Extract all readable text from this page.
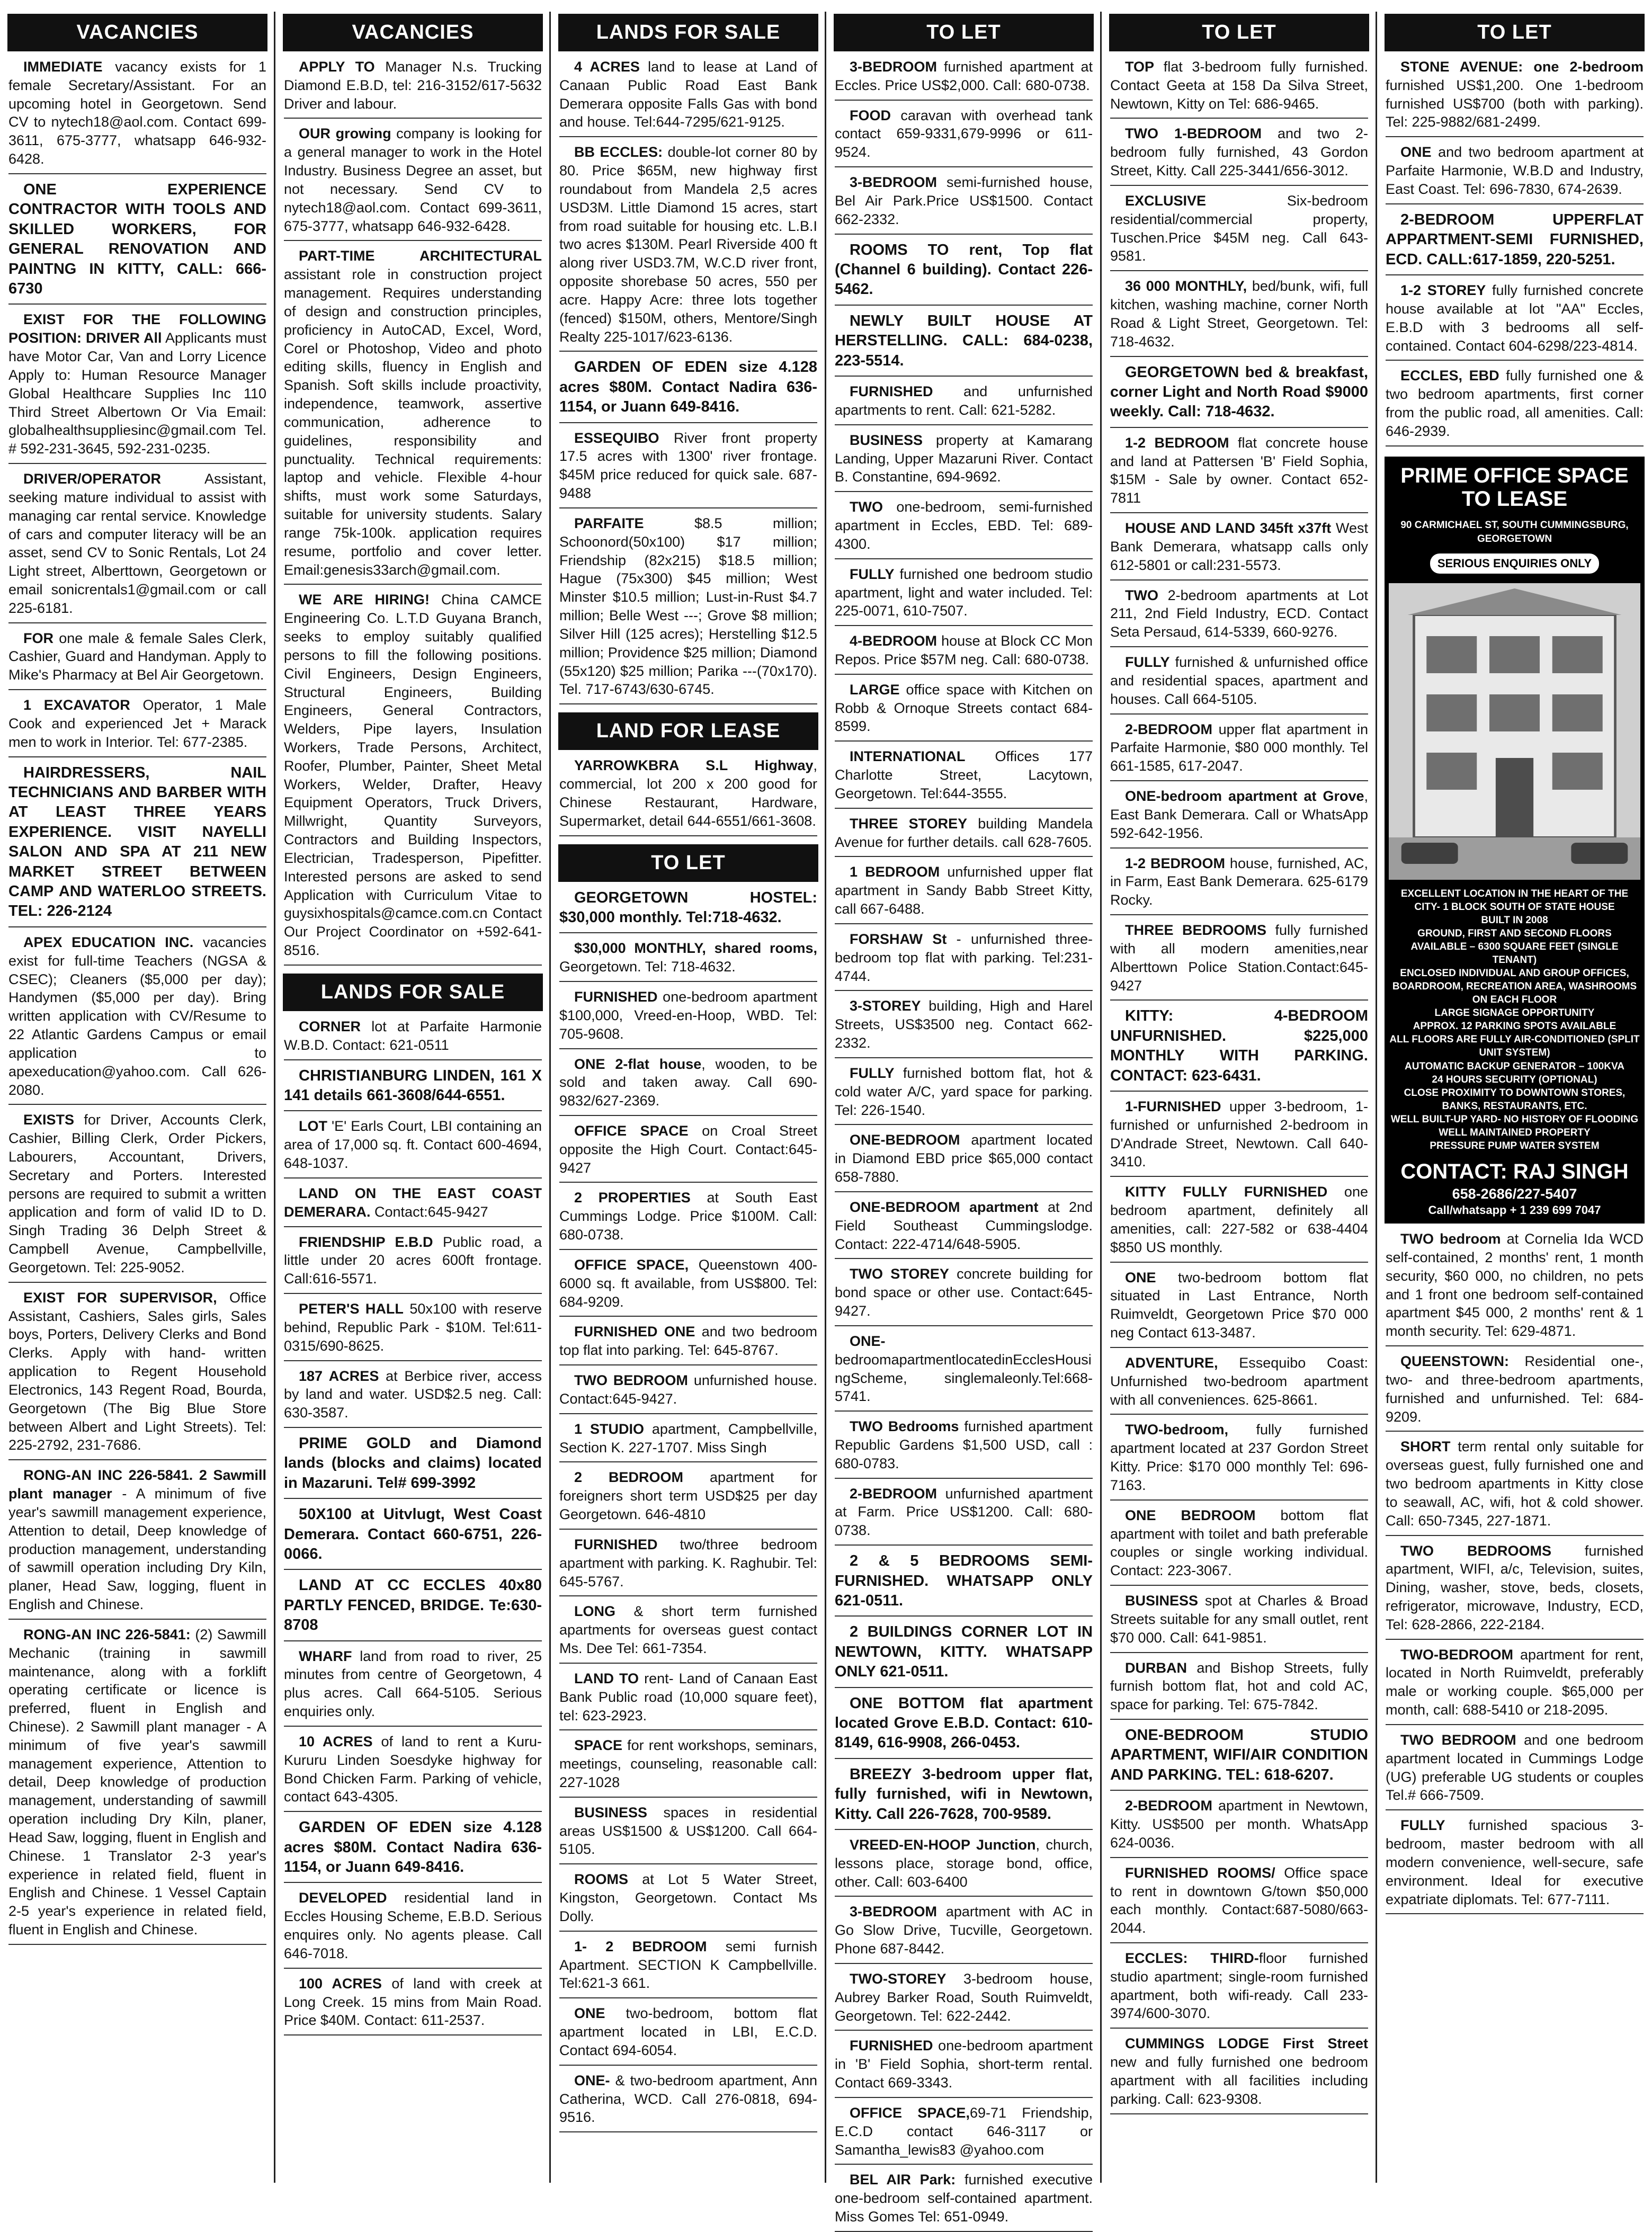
VACANCIES

IMMEDIATE vacancy exists for 1 female Secretary/Assistant. For an upcoming hotel in Georgetown. Send CV to nytech18@aol.com. Contact 699-3611, 675-3777, whatsapp 646-932-6428.

ONE EXPERIENCE CONTRACTOR WITH TOOLS AND SKILLED WORKERS, FOR GENERAL RENOVATION AND PAINTNG IN KITTY, CALL: 666-6730

EXIST FOR THE FOLLOWING POSITION: DRIVER All Applicants must have Motor Car, Van and Lorry Licence Apply to: Human Resource Manager Global Healthcare Supplies Inc 110 Third Street Albertown Or Via Email: globalhealthsuppliesinc@gmail.com Tel. # 592-231-3645, 592-231-0235.

DRIVER/OPERATOR Assistant, seeking mature individual to assist with managing car rental service. Knowledge of cars and computer literacy will be an asset, send CV to Sonic Rentals, Lot 24 Light street, Alberttown, Georgetown or email sonicrentals1@gmail.com or call 225-6181.

FOR one male & female Sales Clerk, Cashier, Guard and Handyman. Apply to Mike's Pharmacy at Bel Air Georgetown.

1 EXCAVATOR Operator, 1 Male Cook and experienced Jet + Marack men to work in Interior. Tel: 677-2385.

HAIRDRESSERS, NAIL TECHNICIANS AND BARBER WITH AT LEAST THREE YEARS EXPERIENCE. VISIT NAYELLI SALON AND SPA AT 211 NEW MARKET STREET BETWEEN CAMP AND WATERLOO STREETS. TEL: 226-2124

APEX EDUCATION INC. vacancies exist for full-time Teachers (NGSA & CSEC); Cleaners ($5,000 per day); Handymen ($5,000 per day). Bring written application with CV/Resume to 22 Atlantic Gardens Campus or email application to apexeducation@yahoo.com. Call 626-2080.

EXISTS for Driver, Accounts Clerk, Cashier, Billing Clerk, Order Pickers, Labourers, Accountant, Drivers, Secretary and Porters. Interested persons are required to submit a written application and form of valid ID to D. Singh Trading 36 Delph Street & Campbell Avenue, Campbellville, Georgetown. Tel: 225-9052.

EXIST FOR SUPERVISOR, Office Assistant, Cashiers, Sales girls, Sales boys, Porters, Delivery Clerks and Bond Clerks. Apply with hand- written application to Regent Household Electronics, 143 Regent Road, Bourda, Georgetown (The Big Blue Store between Albert and Light Streets). Tel: 225-2792, 231-7686.

RONG-AN INC 226-5841. 2 Sawmill plant manager - A minimum of five year's sawmill management experience, Attention to detail, Deep knowledge of production management, understanding of sawmill operation including Dry Kiln, planer, Head Saw, logging, fluent in English and Chinese.

RONG-AN INC 226-5841: (2) Sawmill Mechanic (training in sawmill maintenance, along with a forklift operating certificate or licence is preferred, fluent in English and Chinese). 2 Sawmill plant manager - A minimum of five year's sawmill management experience, Attention to detail, Deep knowledge of production management, understanding of sawmill operation including Dry Kiln, planer, Head Saw, logging, fluent in English and Chinese. 1 Translator 2-3 year's experience in related field, fluent in English and Chinese. 1 Vessel Captain 2-5 year's experience in related field, fluent in English and Chinese.

VACANCIES

APPLY TO Manager N.s. Trucking Diamond E.B.D, tel: 216-3152/617-5632 Driver and labour.

OUR growing company is looking for a general manager to work in the Hotel Industry. Business Degree an asset, but not necessary. Send CV to nytech18@aol.com. Contact 699-3611, 675-3777, whatsapp 646-932-6428.

PART-TIME ARCHITECTURAL assistant role in construction project management. Requires understanding of design and construction principles, proficiency in AutoCAD, Excel, Word, Corel or Photoshop, Video and photo editing skills, fluency in English and Spanish. Soft skills include proactivity, independence, teamwork, assertive communication, adherence to guidelines, responsibility and punctuality. Technical requirements: laptop and vehicle. Flexible 4-hour shifts, must work some Saturdays, suitable for university students. Salary range 75k-100k. application requires resume, portfolio and cover letter. Email:genesis33arch@gmail.com.

WE ARE HIRING! China CAMCE Engineering Co. L.T.D Guyana Branch, seeks to employ suitably qualified persons to fill the following positions. Civil Engineers, Design Engineers, Structural Engineers, Building Engineers, General Contractors, Welders, Pipe layers, Insulation Workers, Trade Persons, Architect, Roofer, Plumber, Painter, Sheet Metal Workers, Welder, Drafter, Heavy Equipment Operators, Truck Drivers, Millwright, Quantity Surveyors, Contractors and Building Inspectors, Electrician, Tradesperson, Pipefitter. Interested persons are asked to send Application with Curriculum Vitae to guysixhospitals@camce.com.cn Contact Our Project Coordinator on +592-641-8516.

LANDS FOR SALE

CORNER lot at Parfaite Harmonie W.B.D. Contact: 621-0511

CHRISTIANBURG LINDEN, 161 X 141 details 661-3608/644-6551.

LOT 'E' Earls Court, LBI containing an area of 17,000 sq. ft. Contact 600-4694, 648-1037.

LAND ON THE EAST COAST DEMERARA. Contact:645-9427

FRIENDSHIP E.B.D Public road, a little under 20 acres 600ft frontage. Call:616-5571.

PETER'S HALL 50x100 with reserve behind, Republic Park - $10M. Tel:611-0315/690-8625.

187 ACRES at Berbice river, access by land and water. USD$2.5 neg. Call: 630-3587.

PRIME GOLD and Diamond lands (blocks and claims) located in Mazaruni. Tel# 699-3992

50X100 at Uitvlugt, West Coast Demerara. Contact 660-6751, 226-0066.

LAND AT CC ECCLES 40x80 PARTLY FENCED, BRIDGE. Te:630-8708

WHARF land from road to river, 25 minutes from centre of Georgetown, 4 plus acres. Call 664-5105. Serious enquiries only.

10 ACRES of land to rent a Kuru-Kururu Linden Soesdyke highway for Bond Chicken Farm. Parking of vehicle, contact 643-4305.

GARDEN OF EDEN size 4.128 acres $80M. Contact Nadira 636-1154, or Juann 649-8416.

DEVELOPED residential land in Eccles Housing Scheme, E.B.D. Serious enquires only. No agents please. Call 646-7018.

100 ACRES of land with creek at Long Creek. 15 mins from Main Road. Price $40M. Contact: 611-2537.

LANDS FOR SALE

4 ACRES land to lease at Land of Canaan Public Road East Bank Demerara opposite Falls Gas with bond and house. Tel:644-7295/621-9125.

BB ECCLES: double-lot corner 80 by 80. Price $65M, new highway first roundabout from Mandela 2,5 acres USD3M. Little Diamond 15 acres, start from road suitable for housing etc. L.B.I two acres $130M. Pearl Riverside 400 ft along river USD3.7M, W.C.D river front, opposite shorebase 50 acres, 550 per acre. Happy Acre: three lots together (fenced) $150M, others, Mentore/Singh Realty 225-1017/623-6136.

GARDEN OF EDEN size 4.128 acres $80M. Contact Nadira 636-1154, or Juann 649-8416.

ESSEQUIBO River front property 17.5 acres with 1300' river frontage. $45M price reduced for quick sale. 687-9488

PARFAITE $8.5 million; Schoonord(50x100) $17 million; Friendship (82x215) $18.5 million; Hague (75x300) $45 million; West Minster $10.5 million; Lust-in-Rust $4.7 million; Belle West ---; Grove $8 million; Silver Hill (125 acres); Herstelling $12.5 million; Providence $25 million; Diamond (55x120) $25 million; Parika ---(70x170). Tel. 717-6743/630-6745.

LAND FOR LEASE

YARROWKBRA S.L Highway, commercial, lot 200 x 200 good for Chinese Restaurant, Hardware, Supermarket, detail 644-6551/661-3608.

TO LET

GEORGETOWN HOSTEL: $30,000 monthly. Tel:718-4632.

$30,000 MONTHLY, shared rooms, Georgetown. Tel: 718-4632.

FURNISHED one-bedroom apartment $100,000, Vreed-en-Hoop, WBD. Tel: 705-9608.

ONE 2-flat house, wooden, to be sold and taken away. Call 690-9832/627-2369.

OFFICE SPACE on Croal Street opposite the High Court. Contact:645-9427

2 PROPERTIES at South East Cummings Lodge. Price $100M. Call: 680-0738.

OFFICE SPACE, Queenstown 400-6000 sq. ft available, from US$800. Tel: 684-9209.

FURNISHED ONE and two bedroom top flat into parking. Tel: 645-8767.

TWO BEDROOM unfurnished house. Contact:645-9427.

1 STUDIO apartment, Campbellville, Section K. 227-1707. Miss Singh

2 BEDROOM apartment for foreigners short term USD$25 per day Georgetown. 646-4810

FURNISHED two/three bedroom apartment with parking. K. Raghubir. Tel: 645-5767.

LONG & short term furnished apartments for overseas guest contact Ms. Dee Tel: 661-7354.

LAND TO rent- Land of Canaan East Bank Public road (10,000 square feet), tel: 623-2923.

SPACE for rent workshops, seminars, meetings, counseling, reasonable call: 227-1028

BUSINESS spaces in residential areas US$1500 & US$1200. Call 664-5105.

ROOMS at Lot 5 Water Street, Kingston, Georgetown. Contact Ms Dolly.

1- 2 BEDROOM semi furnish Apartment. SECTION K Campbellville. Tel:621-3 661.

ONE two-bedroom, bottom flat apartment located in LBI, E.C.D. Contact 694-6054.

ONE- & two-bedroom apartment, Ann Catherina, WCD. Call 276-0818, 694-9516.

TO LET

3-BEDROOM furnished apartment at Eccles. Price US$2,000. Call: 680-0738.

FOOD caravan with overhead tank contact 659-9331,679-9996 or 611-9524.

3-BEDROOM semi-furnished house, Bel Air Park.Price US$1500. Contact 662-2332.

ROOMS TO rent, Top flat (Channel 6 building). Contact 226-5462.

NEWLY BUILT HOUSE AT HERSTELLING. CALL: 684-0238, 223-5514.

FURNISHED and unfurnished apartments to rent. Call: 621-5282.

BUSINESS property at Kamarang Landing, Upper Mazaruni River. Contact B. Constantine, 694-9692.

TWO one-bedroom, semi-furnished apartment in Eccles, EBD. Tel: 689-4300.

FULLY furnished one bedroom studio apartment, light and water included. Tel: 225-0071, 610-7507.

4-BEDROOM house at Block CC Mon Repos. Price $57M neg. Call: 680-0738.

LARGE office space with Kitchen on Robb & Ornoque Streets contact 684-8599.

INTERNATIONAL Offices 177 Charlotte Street, Lacytown, Georgetown. Tel:644-3555.

THREE STOREY building Mandela Avenue for further details. call 628-7605.

1 BEDROOM unfurnished upper flat apartment in Sandy Babb Street Kitty, call 667-6488.

FORSHAW St - unfurnished three-bedroom top flat with parking. Tel:231-4744.

3-STOREY building, High and Harel Streets, US$3500 neg. Contact 662-2332.

FULLY furnished bottom flat, hot & cold water A/C, yard space for parking. Tel: 226-1540.

ONE-BEDROOM apartment located in Diamond EBD price $65,000 contact 658-7880.

ONE-BEDROOM apartment at 2nd Field Southeast Cummingslodge. Contact: 222-4714/648-5905.

TWO STOREY concrete building for bond space or other use. Contact:645-9427.

ONE-bedroomapartmentlocatedinEcclesHousingScheme, singlemaleonly.Tel:668-5741.

TWO Bedrooms furnished apartment Republic Gardens $1,500 USD, call : 680-0783.

2-BEDROOM unfurnished apartment at Farm. Price US$1200. Call: 680-0738.

2 & 5 BEDROOMS SEMI-FURNISHED. WHATSAPP ONLY 621-0511.

2 BUILDINGS CORNER LOT IN NEWTOWN, KITTY. WHATSAPP ONLY 621-0511.

ONE BOTTOM flat apartment located Grove E.B.D. Contact: 610-8149, 616-9908, 266-0453.

BREEZY 3-bedroom upper flat, fully furnished, wifi in Newtown, Kitty. Call 226-7628, 700-9589.

VREED-EN-HOOP Junction, church, lessons place, storage bond, office, other. Call: 603-6400

3-BEDROOM apartment with AC in Go Slow Drive, Tucville, Georgetown. Phone 687-8442.

TWO-STOREY 3-bedroom house, Aubrey Barker Road, South Ruimveldt, Georgetown. Tel: 622-2442.

FURNISHED one-bedroom apartment in 'B' Field Sophia, short-term rental. Contact 669-3343.

OFFICE SPACE,69-71 Friendship, E.C.D contact 646-3117 or Samantha_lewis83 @yahoo.com

BEL AIR Park: furnished executive one-bedroom self-contained apartment. Miss Gomes Tel: 651-0949.

TO LET

TOP flat 3-bedroom fully furnished. Contact Geeta at 158 Da Silva Street, Newtown, Kitty on Tel: 686-9465.

TWO 1-BEDROOM and two 2-bedroom fully furnished, 43 Gordon Street, Kitty. Call 225-3441/656-3012.

EXCLUSIVE Six-bedroom residential/commercial property, Tuschen.Price $45M neg. Call 643-9581.

36 000 MONTHLY, bed/bunk, wifi, full kitchen, washing machine, corner North Road & Light Street, Georgetown. Tel: 718-4632.

GEORGETOWN bed & breakfast, corner Light and North Road $9000 weekly. Call: 718-4632.

1-2 BEDROOM flat concrete house and land at Pattersen 'B' Field Sophia, $15M - Sale by owner. Contact 652-7811

HOUSE AND LAND 345ft x37ft West Bank Demerara, whatsapp calls only 612-5801 or call:231-5573.

TWO 2-bedroom apartments at Lot 211, 2nd Field Industry, ECD. Contact Seta Persaud, 614-5339, 660-9276.

FULLY furnished & unfurnished office and residential spaces, apartment and houses. Call 664-5105.

2-BEDROOM upper flat apartment in Parfaite Harmonie, $80 000 monthly. Tel 661-1585, 617-2047.

ONE-bedroom apartment at Grove, East Bank Demerara. Call or WhatsApp 592-642-1956.

1-2 BEDROOM house, furnished, AC, in Farm, East Bank Demerara. 625-6179 Rocky.

THREE BEDROOMS fully furnished with all modern amenities,near Alberttown Police Station.Contact:645-9427

KITTY: 4-BEDROOM UNFURNISHED. $225,000 MONTHLY WITH PARKING. CONTACT: 623-6431.

1-FURNISHED upper 3-bedroom, 1-furnished or unfurnished 2-bedroom in D'Andrade Street, Newtown. Call 640-3410.

KITTY FULLY FURNISHED one bedroom apartment, definitely all amenities, call: 227-582 or 638-4404 $850 US monthly.

ONE two-bedroom bottom flat situated in Last Entrance, North Ruimveldt, Georgetown Price $70 000 neg Contact 613-3487.

ADVENTURE, Essequibo Coast: Unfurnished two-bedroom apartment with all conveniences. 625-8661.

TWO-bedroom, fully furnished apartment located at 237 Gordon Street Kitty. Price: $170 000 monthly Tel: 696-7163.

ONE BEDROOM bottom flat apartment with toilet and bath preferable couples or single working individual. Contact: 223-3067.

BUSINESS spot at Charles & Broad Streets suitable for any small outlet, rent $70 000. Call: 641-9851.

DURBAN and Bishop Streets, fully furnish bottom flat, hot and cold AC, space for parking. Tel: 675-7842.

ONE-BEDROOM STUDIO APARTMENT, WIFI/AIR CONDITION AND PARKING. TEL: 618-6207.

2-BEDROOM apartment in Newtown, Kitty. US$500 per month. WhatsApp 624-0036.

FURNISHED ROOMS/ Office space to rent in downtown G/town $50,000 each monthly. Contact:687-5080/663-2044.

ECCLES: THIRD-floor furnished studio apartment; single-room furnished apartment, both wifi-ready. Call 233-3974/600-3070.

CUMMINGS LODGE First Street new and fully furnished one bedroom apartment with all facilities including parking. Call: 623-9308.

TO LET

STONE AVENUE: one 2-bedroom furnished US$1,200. One 1-bedroom furnished US$700 (both with parking). Tel: 225-9882/681-2499.

ONE and two bedroom apartment at Parfaite Harmonie, W.B.D and Industry, East Coast. Tel: 696-7830, 674-2639.

2-BEDROOM UPPERFLAT APPARTMENT-SEMI FURNISHED, ECD. CALL:617-1859, 220-5251.

1-2 STOREY fully furnished concrete house available at lot "AA" Eccles, E.B.D with 3 bedrooms all self-contained. Contact 604-6298/223-4814.

ECCLES, EBD fully furnished one & two bedroom apartments, first corner from the public road, all amenities. Call: 646-2939.

PRIME OFFICE SPACE TO LEASE
90 CARMICHAEL ST, SOUTH CUMMINGSBURG, GEORGETOWN
SERIOUS ENQUIRIES ONLY
EXCELLENT LOCATION IN THE HEART OF THE CITY- 1 BLOCK SOUTH OF STATE HOUSE
BUILT IN 2008
GROUND, FIRST AND SECOND FLOORS AVAILABLE – 6300 SQUARE FEET (SINGLE TENANT)
ENCLOSED INDIVIDUAL AND GROUP OFFICES, BOARDROOM, RECREATION AREA, WASHROOMS ON EACH FLOOR
LARGE SIGNAGE OPPORTUNITY
APPROX. 12 PARKING SPOTS AVAILABLE
ALL FLOORS ARE FULLY AIR-CONDITIONED (SPLIT UNIT SYSTEM)
AUTOMATIC BACKUP GENERATOR – 100KVA
24 HOURS SECURITY (OPTIONAL)
CLOSE PROXIMITY TO DOWNTOWN STORES, BANKS, RESTAURANTS, ETC.
WELL BUILT-UP YARD- NO HISTORY OF FLOODING
WELL MAINTAINED PROPERTY
PRESSURE PUMP WATER SYSTEM
CONTACT: RAJ SINGH
658-2686/227-5407
Call/whatsapp + 1 239 699 7047

TWO bedroom at Cornelia Ida WCD self-contained, 2 months' rent, 1 month security, $60 000, no children, no pets and 1 front one bedroom self-contained apartment $45 000, 2 months' rent & 1 month security. Tel: 629-4871.

QUEENSTOWN: Residential one-, two- and three-bedroom apartments, furnished and unfurnished. Tel: 684-9209.

SHORT term rental only suitable for overseas guest, fully furnished one and two bedroom apartments in Kitty close to seawall, AC, wifi, hot & cold shower. Call: 650-7345, 227-1871.

TWO BEDROOMS furnished apartment, WIFI, a/c, Television, suites, Dining, washer, stove, beds, closets, refrigerator, microwave, Industry, ECD, Tel: 628-2866, 222-2184.

TWO-BEDROOM apartment for rent, located in North Ruimveldt, preferably male or working couple. $65,000 per month, call: 688-5410 or 218-2095.

TWO BEDROOM and one bedroom apartment located in Cummings Lodge (UG) preferable UG students or couples Tel.# 666-7509.

FULLY furnished spacious 3-bedroom, master bedroom with all modern convenience, well-secure, safe environment. Ideal for executive expatriate diplomats. Tel: 677-7111.
